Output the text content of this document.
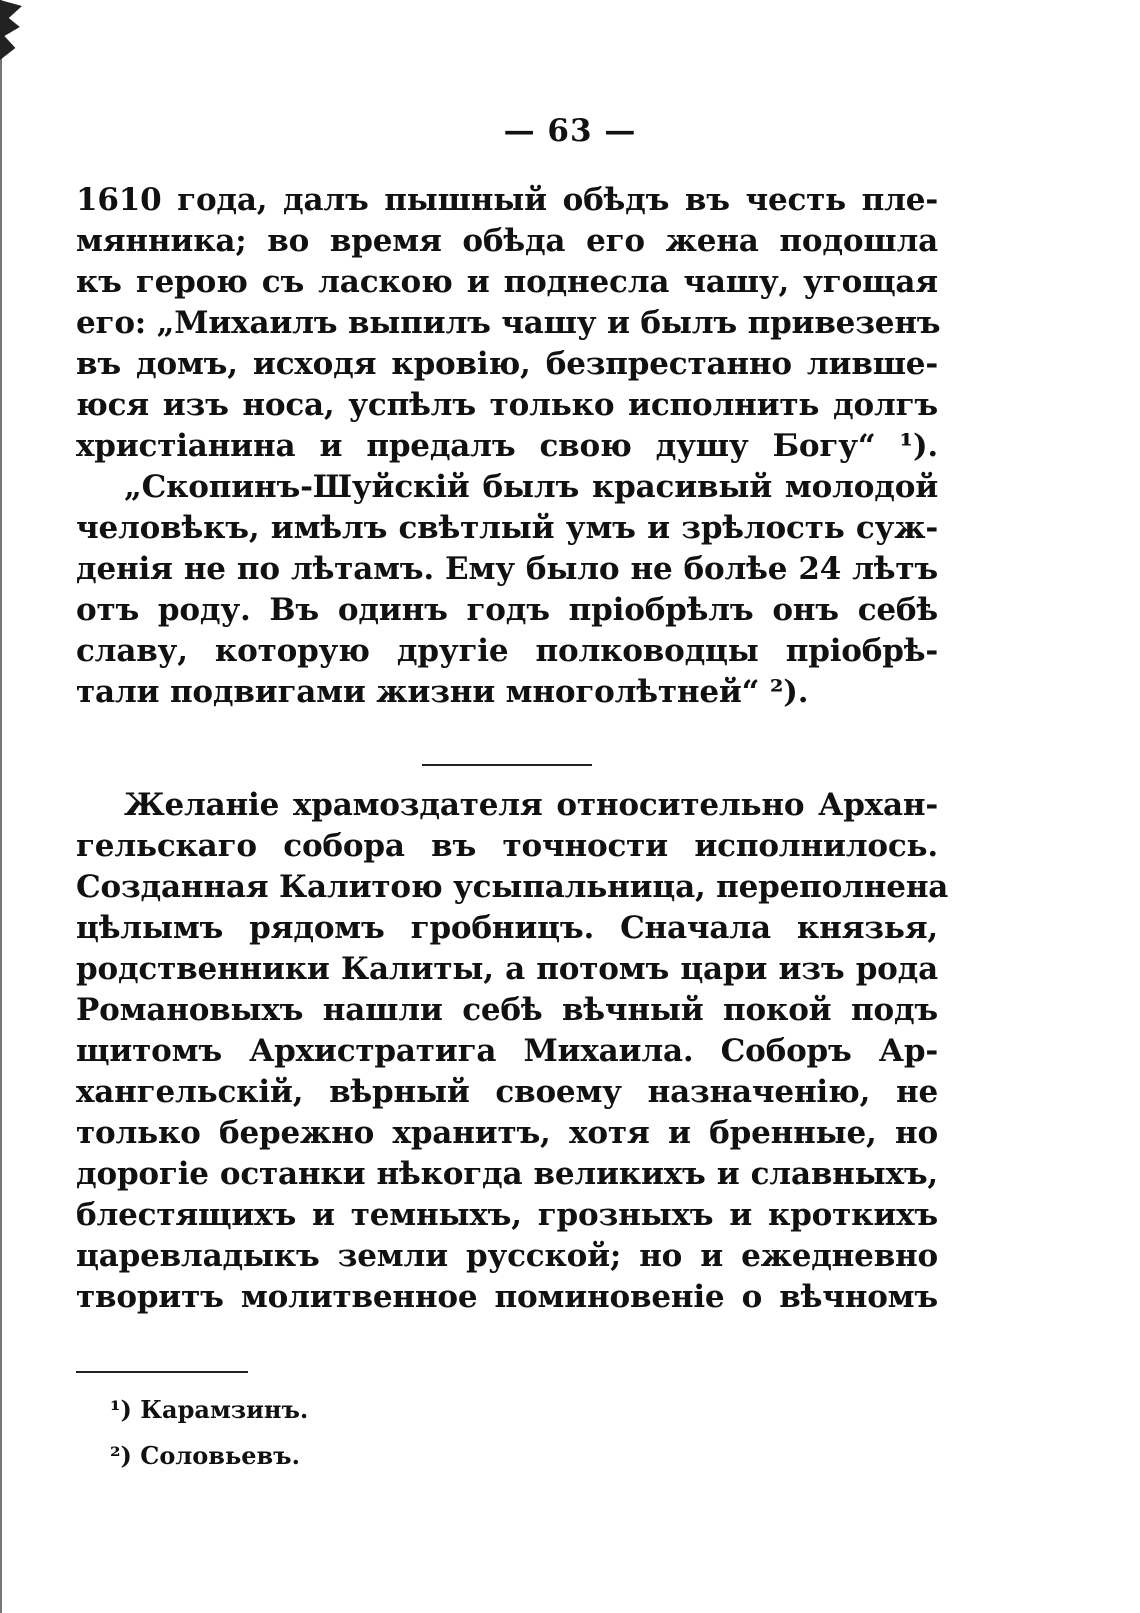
— 63 —
1610 года, далъ пышный обѣдъ въ честь пле-
мянника; во время обѣда его жена подошла
къ герою съ ласкою и поднесла чашу, угощая
его: „Михаилъ выпилъ чашу и былъ привезенъ
въ домъ, исходя кровiю, безпрестанно лившe-
юся изъ носа, успѣлъ только исполнить долгъ
христiанина и предалъ свою душу Богу“ ¹).
„Скопинъ-Шуйскiй былъ красивый молодой
человѣкъ, имѣлъ свѣтлый умъ и зрѣлость суж-
денiя не по лѣтамъ. Ему было не болѣе 24 лѣтъ
отъ роду. Въ одинъ годъ прiобрѣлъ онъ себѣ
славу, которую другiе полководцы прiобрѣ-
тали подвигами жизни многолѣтней“ ²).
Желанiе храмоздателя относительно Архан-
гельскаго собора въ точности исполнилось.
Созданная Калитою усыпальница, переполнена
цѣлымъ рядомъ гробницъ. Сначала князья,
родственники Калиты, а потомъ цари изъ рода
Романовыхъ нашли себѣ вѣчный покой подъ
щитомъ Архистратига Михаила. Соборъ Ар-
хангельскiй, вѣрный своему назначенiю, не
только бережно хранитъ, хотя и бренные, но
дорогiе останки нѣкогда великихъ и славныхъ,
блестящихъ и темныхъ, грозныхъ и кроткихъ
царевладыкъ земли русской; но и ежедневно
творитъ молитвенное поминовенiе о вѣчномъ
¹) Карамзинъ.
²) Соловьевъ.
